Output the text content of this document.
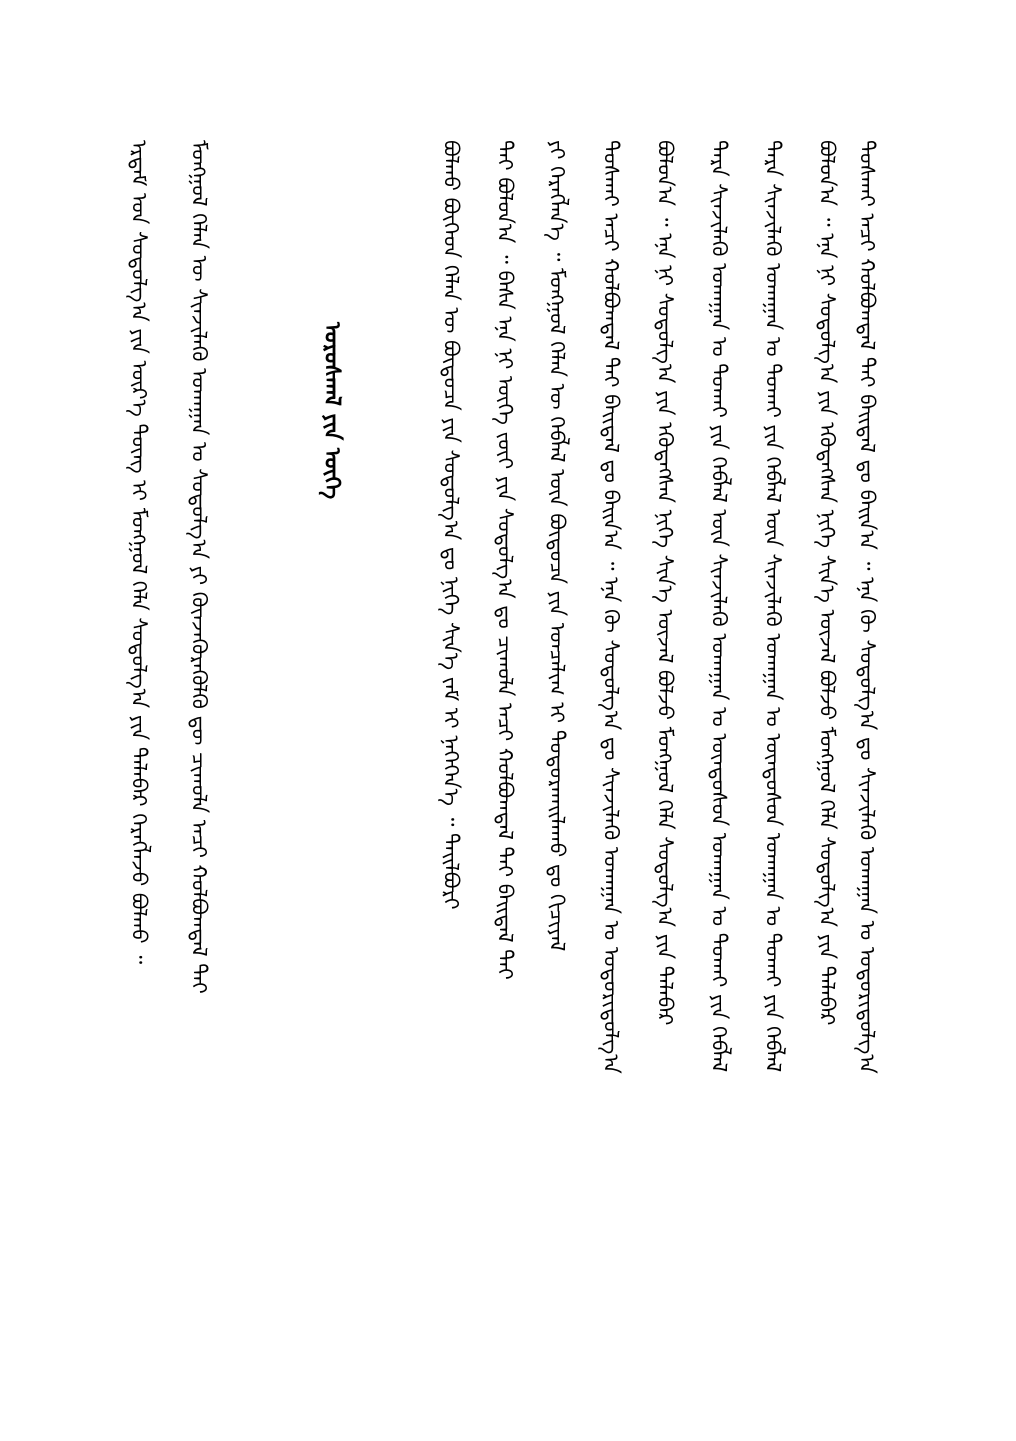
ᠪᠣᠯᠬᠤ ᠪᠥᠭᠡᠳ ᠬᠡᠯᠡᠨ ᠦ ᠪᠦᠲᠦᠴᠡ ᠶᠢᠨ ᠰᠤᠳᠤᠯᠭ᠎ᠠ ᠳᠤ ᠨᠢᠭᠡ ᠰᠢᠨ᠎ᠡ ᠵᠠᠮ ᠢ ᠨᠡᠭᠡᠭᠡᠨ᠎ᠡ ᠃ ᠲᠠᠢᠯᠪᠤᠷᠢ ᠲᠠᠢ ᠪᠣᠯᠤᠨ᠎ᠠ ᠃ ᠪᠠᠰᠠ ᠡᠨᠡ ᠨᠢ ᠦᠭᠡ ᠵᠦᠢ ᠶᠢᠨ ᠰᠤᠳᠤᠯᠭ᠎ᠠ ᠳᠤ ᠴᠢᠬᠤᠯᠠ ᠠᠴᠢ ᠬᠣᠯᠪᠣᠭᠳᠠᠯ ᠲᠠᠢ ᠪᠠᠢᠳᠠᠯ ᠲᠠᠢ ᠶᠢ ᠬᠡᠷᠡᠭᠯᠡᠨ᠎ᠡ ᠃ ᠮᠣᠩᠭᠣᠯ ᠬᠡᠯᠡᠨ ᠦ ᠬᠡᠪᠯᠡᠯ ᠦᠨ ᠪᠦᠲᠦᠴᠡ ᠶᠢᠨ ᠣᠨᠴᠠᠯᠢᠭ ᠢ ᠲᠣᠳᠣᠷᠬᠠᠢᠯᠠᠬᠤ ᠳᠤ ᠬᠢᠴᠢᠶᠡᠯ ᠲᠤᠰᠬᠠᠢ ᠠᠴᠢ ᠬᠣᠯᠪᠣᠭᠳᠠᠯ ᠲᠠᠢ ᠪᠠᠢᠳᠠᠯ ᠳᠤ ᠪᠠᠢᠨ᠎ᠠ ᠃ ᠡᠨᠡ ᠬᠦ ᠰᠤᠳᠤᠯᠭ᠎ᠠ ᠳᠤ ᠰᠢᠨᠵᠢᠯᠡᠬᠦ ᠤᠬᠠᠭᠠᠨ ᠤ ᠤᠳᠤᠷᠢᠳᠤᠯᠭ᠎ᠠ ᠪᠣᠯᠤᠨ᠎ᠠ ᠃ ᠡᠨᠡ ᠨᠢ ᠰᠤᠳᠤᠯᠭ᠎ᠠ ᠶᠢᠨ ᠡᠭᠦᠳᠡᠭᠰᠡᠨ ᠨᠢᠭᠡ ᠰᠢᠨ᠎ᠡ ᠦᠵᠡᠯ ᠪᠣᠯᠵᠤ ᠮᠣᠩᠭᠣᠯ ᠬᠡᠯᠡ ᠰᠤᠳᠤᠯᠭ᠎ᠠ ᠶᠢᠨ ᠲᠠᠯᠠᠪᠠᠷ ᠲᠡᠷᠡ ᠰᠢᠨᠵᠢᠯᠡᠬᠦ ᠤᠬᠠᠭᠠᠨ ᠤ ᠲᠤᠬᠠᠢ ᠶᠢᠨ ᠬᠡᠪᠯᠡᠯ ᠦᠨ ᠰᠢᠨᠵᠢᠯᠡᠬᠦ ᠤᠬᠠᠭᠠᠨ ᠤ ᠦᠨᠳᠦᠰᠦᠨ ᠤᠬᠠᠭᠠᠨ ᠤ ᠲᠤᠬᠠᠢ ᠶᠢᠨ ᠬᠡᠪᠯᠡᠯ ᠲᠡᠷᠡ ᠰᠢᠨᠵᠢᠯᠡᠬᠦ ᠤᠬᠠᠭᠠᠨ ᠤ ᠲᠤᠬᠠᠢ ᠶᠢᠨ ᠬᠡᠪᠯᠡᠯ ᠦᠨ ᠰᠢᠨᠵᠢᠯᠡᠬᠦ ᠤᠬᠠᠭᠠᠨ ᠤ ᠦᠨᠳᠦᠰᠦᠨ ᠤᠬᠠᠭᠠᠨ ᠤ ᠲᠤᠬᠠᠢ ᠶᠢᠨ ᠬᠡᠪᠯᠡᠯ ᠪᠣᠯᠤᠨ᠎ᠠ ᠃ ᠡᠨᠡ ᠨᠢ ᠰᠤᠳᠤᠯᠭ᠎ᠠ ᠶᠢᠨ ᠡᠭᠦᠳᠡᠭᠰᠡᠨ ᠨᠢᠭᠡ ᠰᠢᠨ᠎ᠡ ᠦᠵᠡᠯ ᠪᠣᠯᠵᠤ ᠮᠣᠩᠭᠣᠯ ᠬᠡᠯᠡ ᠰᠤᠳᠤᠯᠭ᠎ᠠ ᠶᠢᠨ ᠲᠠᠯᠠᠪᠠᠷ ᠲᠤᠰᠬᠠᠢ ᠠᠴᠢ ᠬᠣᠯᠪᠣᠭᠳᠠᠯ ᠲᠠᠢ ᠪᠠᠢᠳᠠᠯ ᠳᠤ ᠪᠠᠢᠨ᠎ᠠ ᠃ ᠡᠨᠡ ᠬᠦ ᠰᠤᠳᠤᠯᠭ᠎ᠠ ᠳᠤ ᠰᠢᠨᠵᠢᠯᠡᠬᠦ ᠤᠬᠠᠭᠠᠨ ᠤ ᠤᠳᠤᠷᠢᠳᠤᠯᠭ᠎ᠠ
ᠤᠷᠤᠰᠬᠠᠯ ᠶᠢᠨ ᠦᠭᠡ
ᠡᠷᠳᠡᠮ ᠤᠨ ᠰᠤᠳᠤᠯᠭ᠎ᠠ ᠶᠢᠨ ᠦᠷ᠎ᠡ ᠳᠦᠩ ᠢ ᠮᠣᠩᠭᠣᠯ ᠬᠡᠯᠡ ᠰᠤᠳᠤᠯᠭ᠎ᠠ ᠶᠢᠨ ᠲᠠᠯᠠᠪᠠᠷ ᠬᠡᠷᠡᠭᠯᠡᠵᠦ ᠪᠣᠯᠬᠤ ᠃ ᠮᠣᠩᠭᠣᠯ ᠬᠡᠯᠡᠨ ᠦ ᠰᠢᠨᠵᠢᠯᠡᠬᠦ ᠤᠬᠠᠭᠠᠨ ᠤ ᠰᠤᠳᠤᠯᠭ᠎ᠠ ᠶᠢ ᠭᠦᠨᠵᠡᠭᠦᠷᠡᠭᠦᠯᠬᠦ ᠳᠦ ᠴᠢᠬᠤᠯᠠ ᠠᠴᠢ ᠬᠣᠯᠪᠣᠭᠳᠠᠯ ᠲᠠᠢ
